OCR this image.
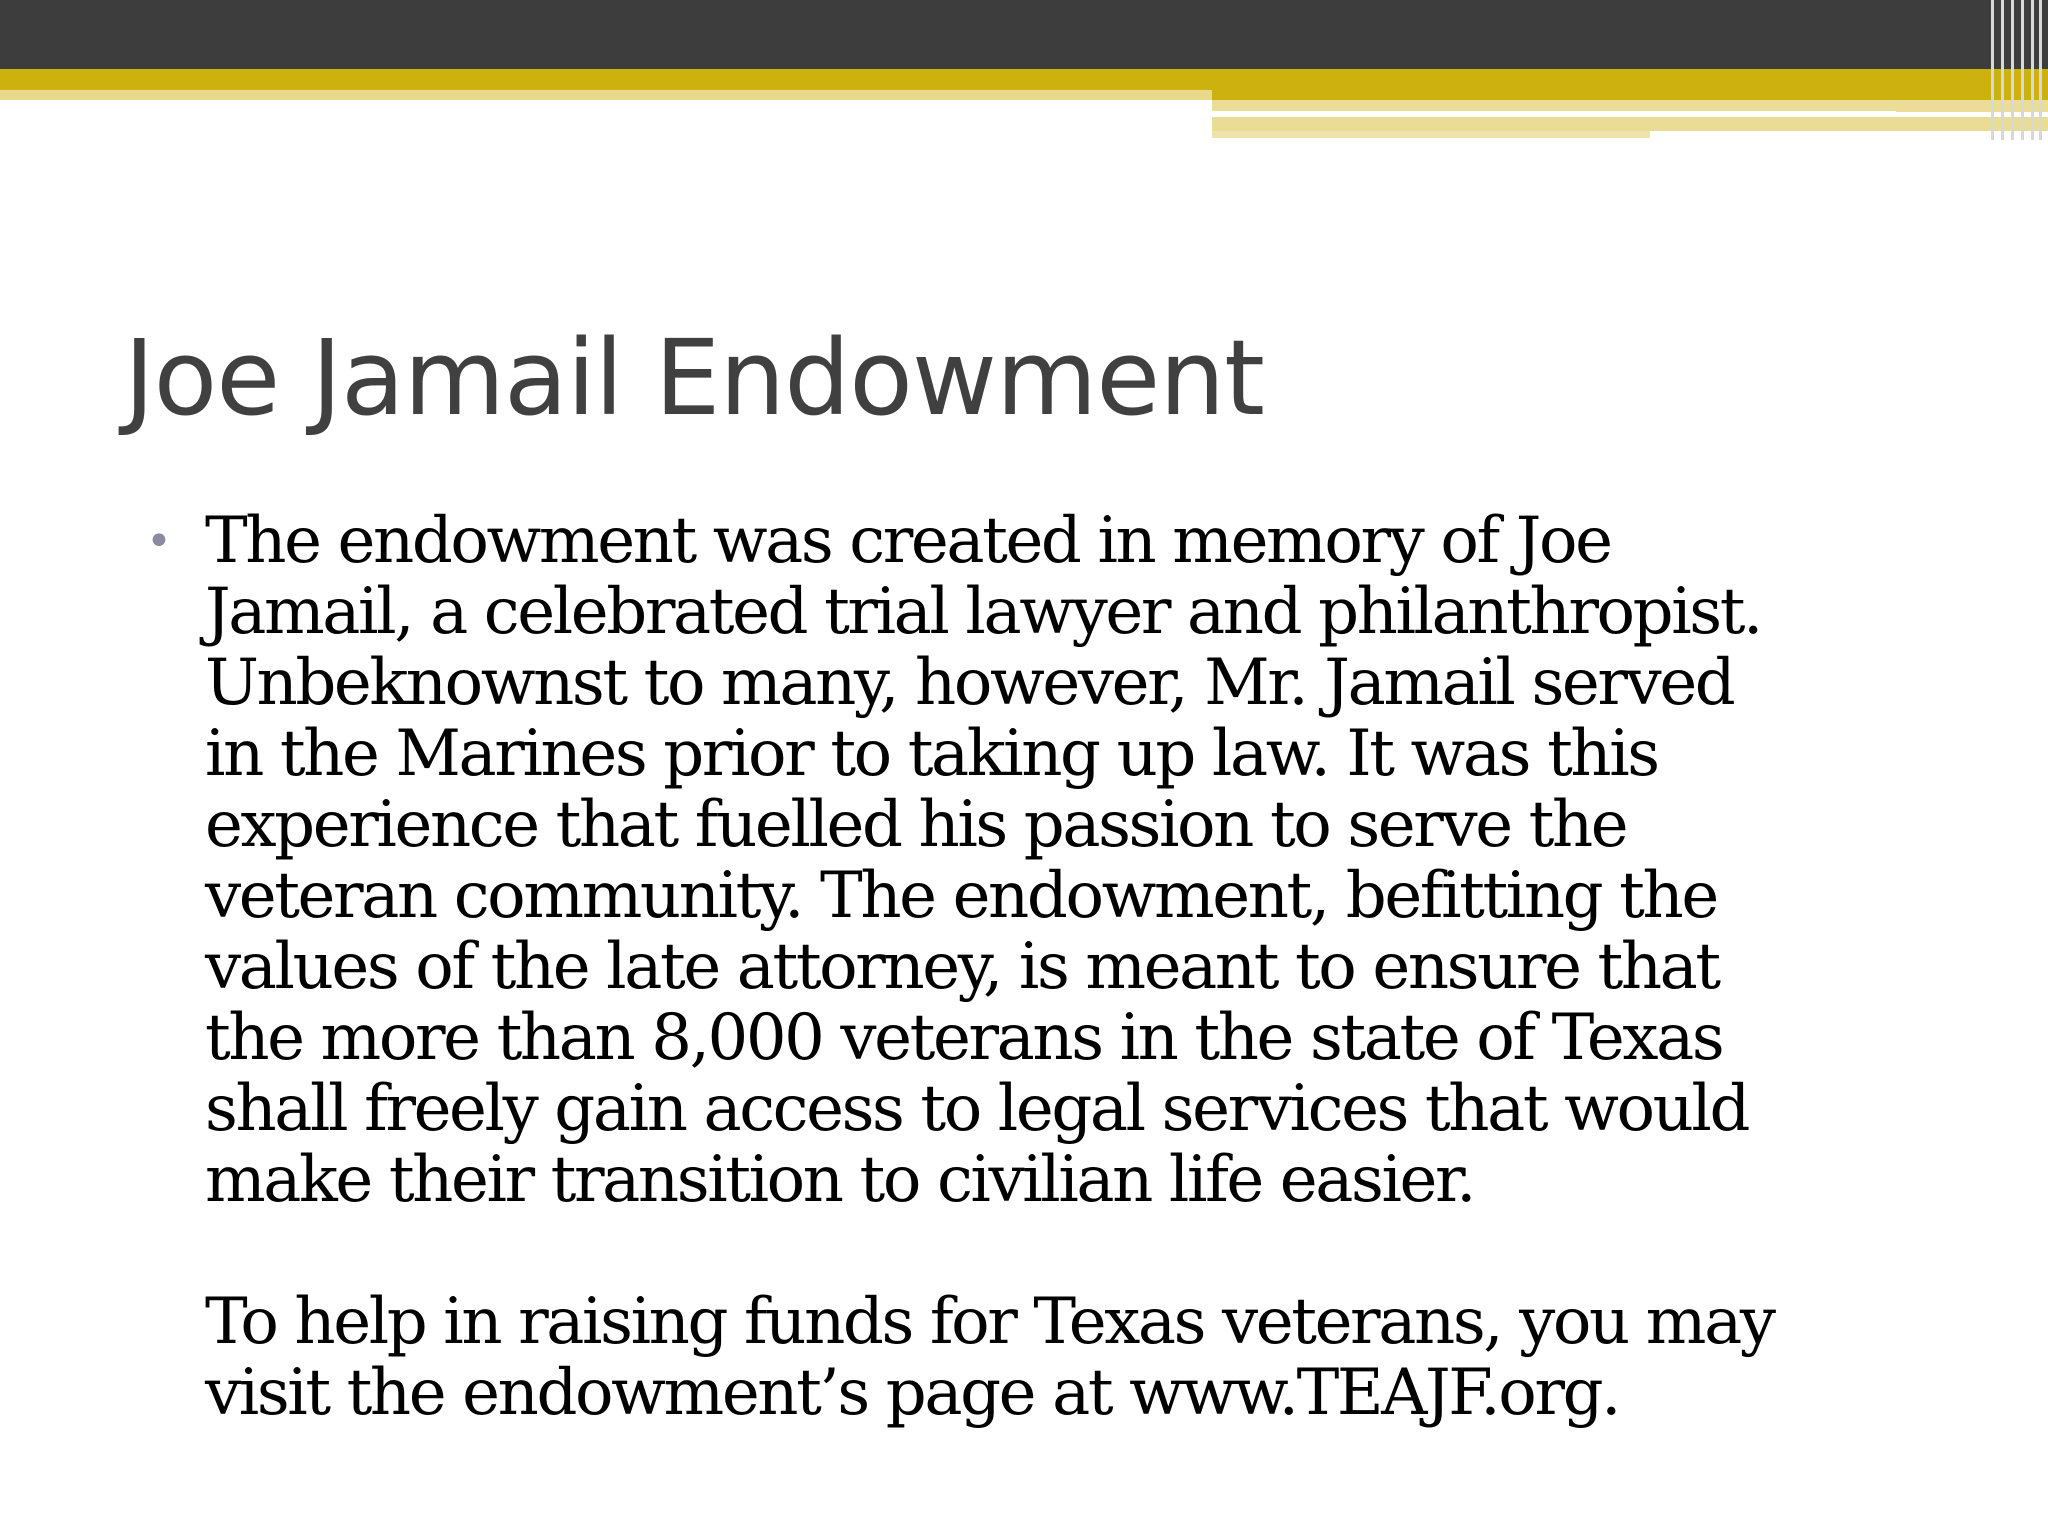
Joe Jamail Endowment
• The endowment was created in memory of Joe
Jamail, a celebrated trial lawyer and philanthropist.
Unbeknownst to many, however, Mr. Jamail served
in the Marines prior to taking up law. It was this
experience that fuelled his passion to serve the
veteran community. The endowment, befitting the
values of the late attorney, is meant to ensure that
the more than 8,000 veterans in the state of Texas
shall freely gain access to legal services that would
make their transition to civilian life easier.
To help in raising funds for Texas veterans, you may
visit the endowment’s page at www.TEAJF.org.
